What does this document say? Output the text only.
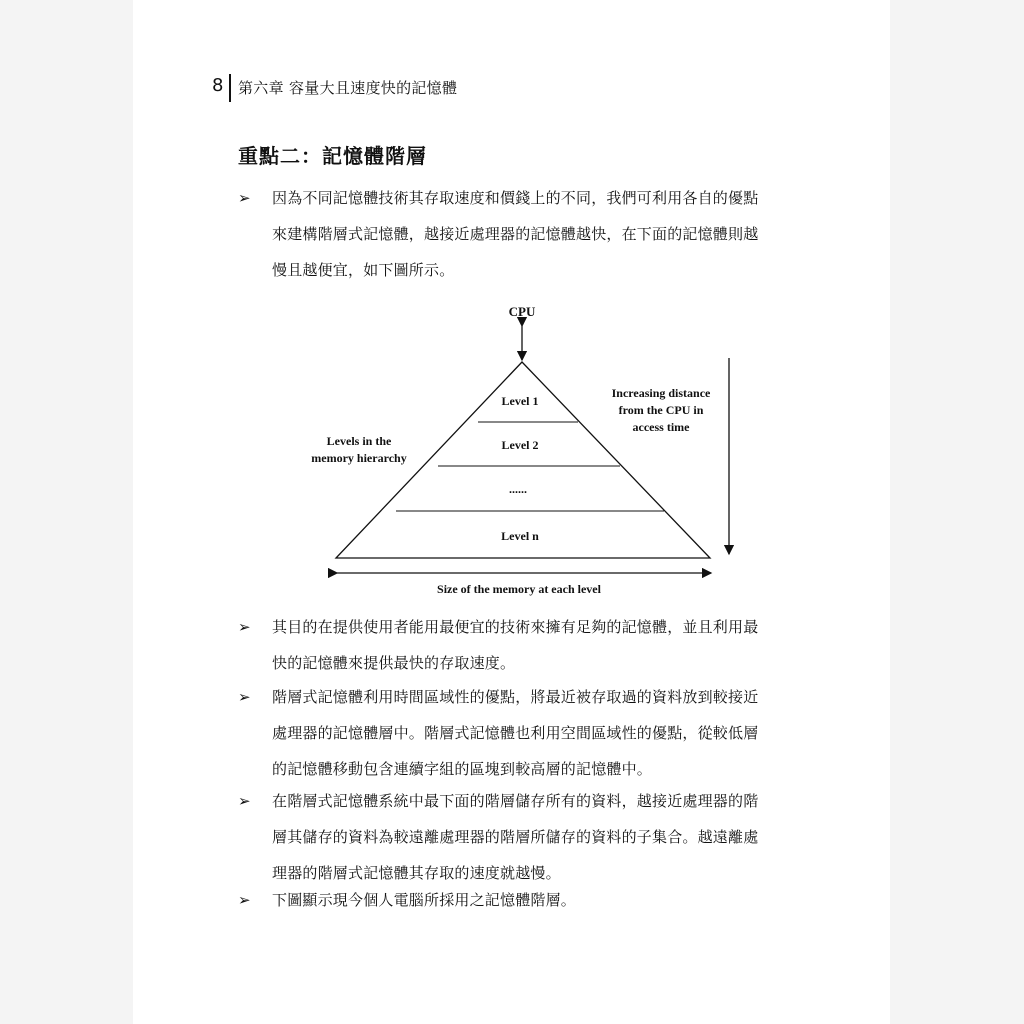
8 第六章 容量大且速度快的記憶體
重點二：記憶體階層
➢ 因為不同記憶體技術其存取速度和價錢上的不同，我們可利用各自的優點
來建構階層式記憶體，越接近處理器的記憶體越快，在下面的記憶體則越
慢且越便宜，如下圖所示。
CPU
Level 1
Level 2
......
Level n
Levels in the
memory hierarchy
Increasing distance
from the CPU in
access time
Size of the memory at each level
➢ 其目的在提供使用者能用最便宜的技術來擁有足夠的記憶體，並且利用最
快的記憶體來提供最快的存取速度。
➢ 階層式記憶體利用時間區域性的優點，將最近被存取過的資料放到較接近
處理器的記憶體層中。階層式記憶體也利用空間區域性的優點，從較低層
的記憶體移動包含連續字組的區塊到較高層的記憶體中。
➢ 在階層式記憶體系統中最下面的階層儲存所有的資料，越接近處理器的階
層其儲存的資料為較遠離處理器的階層所儲存的資料的子集合。越遠離處
理器的階層式記憶體其存取的速度就越慢。
➢ 下圖顯示現今個人電腦所採用之記憶體階層。
